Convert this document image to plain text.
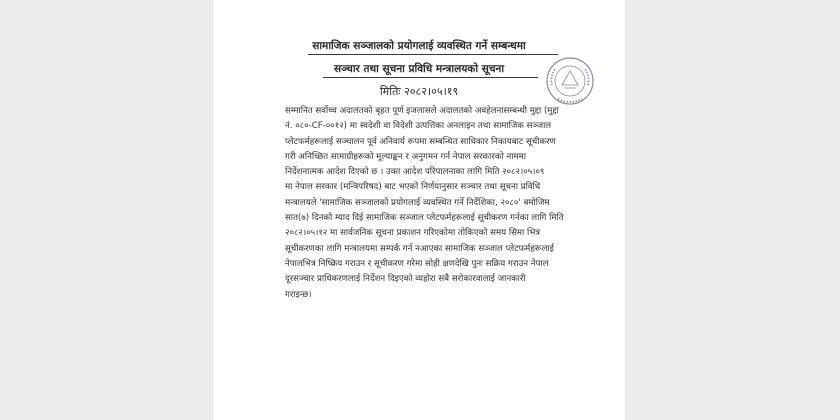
सामाजिक सञ्जालको प्रयोगलाई व्यवस्थित गर्ने सम्बन्धमा
सञ्चार तथा सूचना प्रविधि मन्त्रालयको सूचना
मितिः २०८२।०५।१९
सम्मानित सर्वोच्च अदालतको बृहत पूर्ण इजलासले अदालतको अवहेलनासम्बन्धी मुद्दा (मुद्दा
नं. ०८०-CF-००१२) मा स्वदेशी वा विदेशी उत्पत्तिका अनलाइन तथा सामाजिक सञ्जाल
प्लेटफर्महरूलाई सञ्चालन पूर्व अनिवार्य रूपमा सम्बन्धित साधिकार निकायबाट सूचीकरण
गरी अनिच्छित सामाग्रीहरूको मूल्याङ्कन र अनुगमन गर्न नेपाल सरकारको नाममा
निर्देशनात्मक आदेश दिएको छ । उक्त आदेश परिपालनाका लागि मिति २०८२।०५।०९
मा नेपाल सरकार (मन्त्रिपरिषद) बाट भएको निर्णयानुसार सञ्चार तथा सूचना प्रविधि
मन्त्रालयले 'सामाजिक सञ्जालको प्रयोगलाई व्यवस्थित गर्ने निर्देशिका, २०८०' बमोजिम
सात(७) दिनको म्याद दिई सामाजिक सञ्जाल प्लेटफर्महरूलाई सूचीकरण गर्नका लागि मिति
२०८२।०५।१२ मा सार्वजनिक सूचना प्रकाशन गरिएकोमा तोकिएको समय सिमा भित्र
सूचीकरणका लागि मन्त्रालयमा सम्पर्क गर्न नआएका सामाजिक सञ्जाल प्लेटफर्महरूलाई
नेपालभित्र निष्क्रिय गराउन र सूचीकरण गरेमा सोही क्षणदेखि पुनः सक्रिय गराउन नेपाल
दूरसञ्चार प्राधिकरणलाई निर्देशन दिइएको व्यहोरा सबै सरोकारवालाई जानकारी
गराइन्छ।
